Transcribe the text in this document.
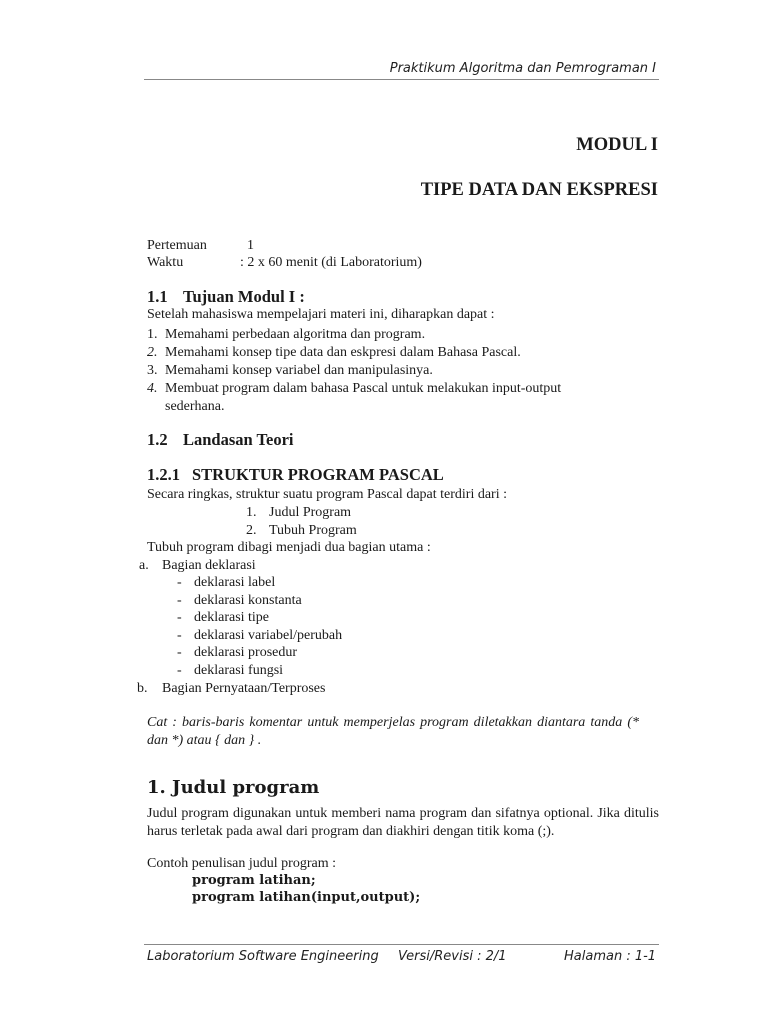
Praktikum Algoritma dan Pemrograman I
MODUL I
TIPE DATA DAN EKSPRESI
Pertemuan	1
Waktu	: 2 x 60 menit (di Laboratorium)
1.1 Tujuan Modul I :
Setelah mahasiswa mempelajari materi ini, diharapkan dapat :
1. Memahami perbedaan algoritma dan program.
2. Memahami konsep tipe data dan eskpresi dalam Bahasa Pascal.
3. Memahami konsep variabel dan manipulasinya.
4. Membuat program dalam bahasa Pascal untuk melakukan input-output
sederhana.
1.2 Landasan Teori
1.2.1 STRUKTUR PROGRAM PASCAL
Secara ringkas, struktur suatu program Pascal dapat terdiri dari :
1. Judul Program
2. Tubuh Program
Tubuh program dibagi menjadi dua bagian utama :
a. Bagian deklarasi
- deklarasi label
- deklarasi konstanta
- deklarasi tipe
- deklarasi variabel/perubah
- deklarasi prosedur
- deklarasi fungsi
b. Bagian Pernyataan/Terproses
Cat : baris-baris komentar untuk memperjelas program diletakkan diantara tanda (* dan *) atau { dan } .
1. Judul program
Judul program digunakan untuk memberi nama program dan sifatnya optional. Jika ditulis harus terletak pada awal dari program dan diakhiri dengan titik koma (;).
Contoh penulisan judul program :
program latihan;
program latihan(input,output);
Laboratorium Software Engineering Versi/Revisi : 2/1	Halaman : 1-1
